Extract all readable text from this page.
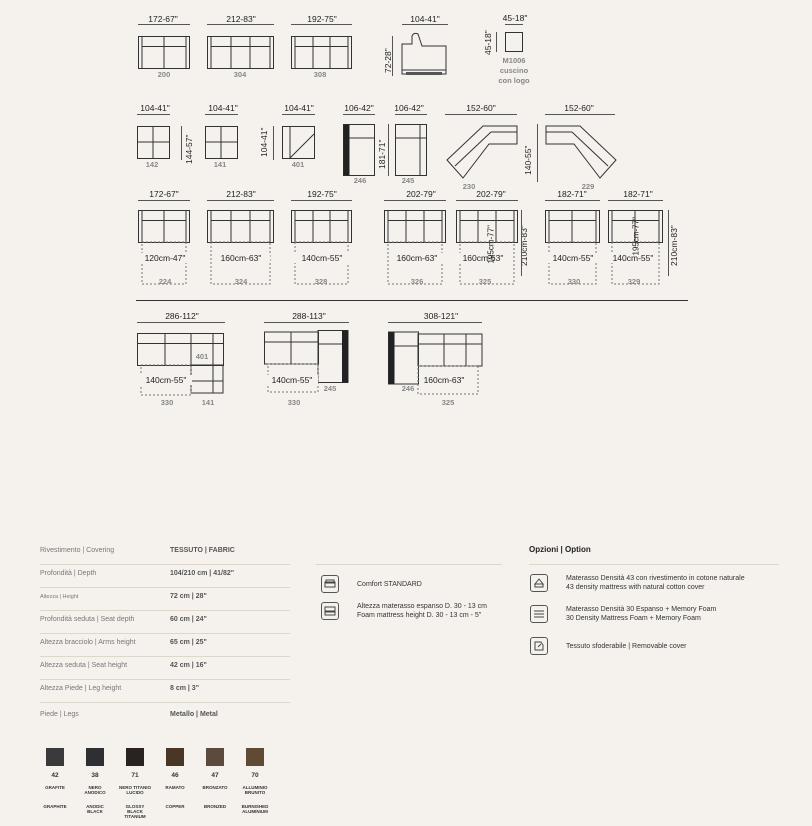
172-67"
200
212-83"
304
192-75"
308
104-41"
72-28"
45-18"
45-18"
M1006
cuscino
con logo
104-41"
142
144-57"
104-41"
141
104-41"
104-41"
401
106-42"
246
106-42"
245
181-71"
152-60"
230
152-60"
229
140-55"
172-67"
120cm-47"
224
212-83"
160cm-63"
324
192-75"
140cm-55"
328
202-79"
160cm-63"
326
202-79"
160cm-63"
325
195cm-77"	210cm-83"
182-71"
140cm-55"
330
182-71"
140cm-55"
329
195cm-77"	210cm-83"
286-112"
401
140cm-55"
330	141
288-113"
140cm-55"
330
245
308-121"
160cm-63"
246
325
Rivestimento | Covering	TESSUTO | FABRIC
Profondità | Depth	104/210 cm | 41/82"
Altezza | Height	72 cm | 28"
Profondità seduta | Seat depth	60 cm | 24"
Altezza bracciolo | Arms height	65 cm | 25"
Altezza seduta | Seat height	42 cm | 16"
Altezza Piede | Leg height	8 cm | 3"
Piede | Legs	Metallo | Metal
Comfort STANDARD
Altezza materasso espanso D. 30 - 13 cm
Foam mattress height D. 30 - 13 cm - 5"
Opzioni | Option
Materasso Densità 43 con rivestimento in cotone naturale
43 density mattress with natural cotton cover
Materasso Densità 30 Espanso + Memory Foam
30 Density Mattress Foam + Memory Foam
Tessuto sfoderabile | Removable cover
42
GRAFITE
GRAPHITE
38
NERO ANODICO
ANODIC BLACK
71
NERO TITANIO LUCIDO
GLOSSY BLACK TITANIUM
46
RAMATO
COPPER
47
BRONZATO
BRONZED
70
ALLUMINIO BRUNITO
BURNISHED ALUMINIUM
